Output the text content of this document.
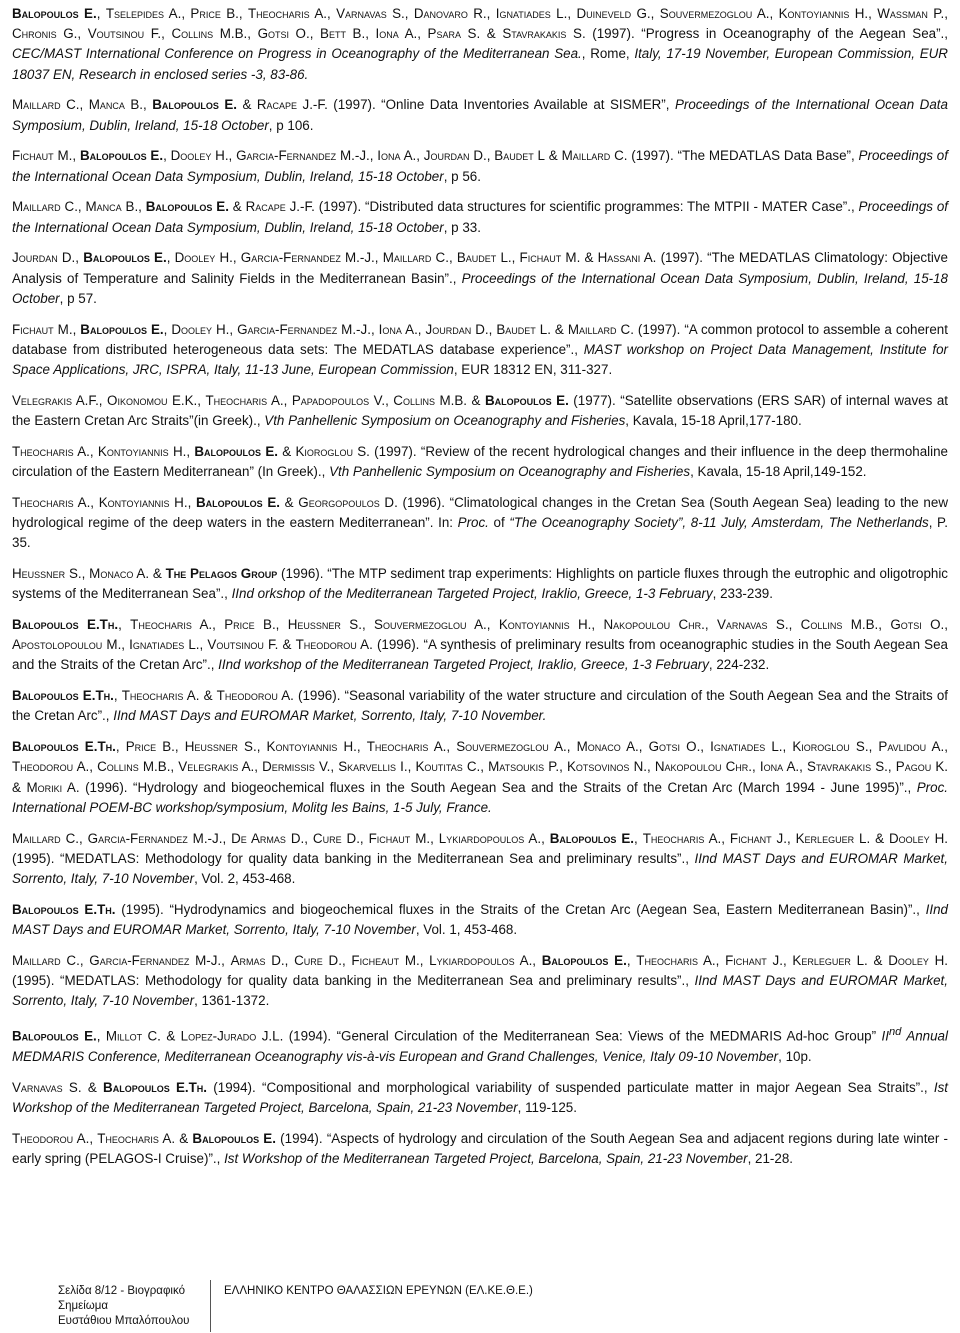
Balopoulos E., Tselepides A., Price B., Theocharis A., Varnavas S., Danovaro R., Ignatiades L., Duineveld G., Souvermezoglou A., Kontoyiannis H., Wassman P., Chronis G., Voutsinou F., Collins M.B., Gotsi O., Bett B., Iona A., Psara S. & Stavrakakis S. (1997). “Progress in Oceanography of the Aegean Sea”., CEC/MAST International Conference on Progress in Oceanography of the Mediterranean Sea., Rome, Italy, 17-19 November, European Commission, EUR 18037 EN, Research in enclosed series -3, 83-86.

Maillard C., Manca B., Balopoulos E. & Racape J.-F. (1997). “Online Data Inventories Available at SISMER”, Proceedings of the International Ocean Data Symposium, Dublin, Ireland, 15-18 October, p 106.

Fichaut M., Balopoulos E., Dooley H., Garcia-Fernandez M.-J., Iona A., Jourdan D., Baudet L & Maillard C. (1997). “The MEDATLAS Data Base”, Proceedings of the International Ocean Data Symposium, Dublin, Ireland, 15-18 October, p 56.

Maillard C., Manca B., Balopoulos E. & Racape J.-F. (1997). “Distributed data structures for scientific programmes: The MTPII - MATER Case”., Proceedings of the International Ocean Data Symposium, Dublin, Ireland, 15-18 October, p 33.

Jourdan D., Balopoulos E., Dooley H., Garcia-Fernandez M.-J., Maillard C., Baudet L., Fichaut M. & Hassani A. (1997). “The MEDATLAS Climatology: Objective Analysis of Temperature and Salinity Fields in the Mediterranean Basin”., Proceedings of the International Ocean Data Symposium, Dublin, Ireland, 15-18 October, p 57.

Fichaut M., Balopoulos E., Dooley H., Garcia-Fernandez M.-J., Iona A., Jourdan D., Baudet L. & Maillard C. (1997). “A common protocol to assemble a coherent database from distributed heterogeneous data sets: The MEDATLAS database experience”., MAST workshop on Project Data Management, Institute for Space Applications, JRC, ISPRA, Italy, 11-13 June, European Commission, EUR 18312 EN, 311-327.

Velegrakis A.F., Oikonomou E.K., Theocharis A., Papadopoulos V., Collins M.B. & Balopoulos E. (1977). “Satellite observations (ERS SAR) of internal waves at the Eastern Cretan Arc Straits”(in Greek)., Vth Panhellenic Symposium on Oceanography and Fisheries, Kavala, 15-18 April,177-180.

Theocharis A., Kontoyiannis H., Balopoulos E. & Kioroglou S. (1997). “Review of the recent hydrological changes and their influence in the deep thermohaline circulation of the Eastern Mediterranean” (In Greek)., Vth Panhellenic Symposium on Oceanography and Fisheries, Kavala, 15-18 April,149-152.

Theocharis A., Kontoyiannis H., Balopoulos E. & Georgopoulos D. (1996). “Climatological changes in the Cretan Sea (South Aegean Sea) leading to the new hydrological regime of the deep waters in the eastern Mediterranean”. In: Proc. of “The Oceanography Society”, 8-11 July, Amsterdam, The Netherlands, P. 35.

Heussner S., Monaco A. & The Pelagos Group (1996). “The MTP sediment trap experiments: Highlights on particle fluxes through the eutrophic and oligotrophic systems of the Mediterranean Sea”., IInd orkshop of the Mediterranean Targeted Project, Iraklio, Greece, 1-3 February, 233-239.

Balopoulos E.Th., Theocharis A., Price B., Heussner S., Souvermezoglou A., Kontoyiannis H., Nakopoulou Chr., Varnavas S., Collins M.B., Gotsi O., Apostolopoulou M., Ignatiades L., Voutsinou F. & Theodorou A. (1996). “A synthesis of preliminary results from oceanographic studies in the South Aegean Sea and the Straits of the Cretan Arc”., IInd workshop of the Mediterranean Targeted Project, Iraklio, Greece, 1-3 February, 224-232.

Balopoulos E.Th., Theocharis A. & Theodorou A. (1996). “Seasonal variability of the water structure and circulation of the South Aegean Sea and the Straits of the Cretan Arc”., IInd MAST Days and EUROMAR Market, Sorrento, Italy, 7-10 November.

Balopoulos E.Th., Price B., Heussner S., Kontoyiannis H., Theocharis A., Souvermezoglou A., Monaco A., Gotsi O., Ignatiades L., Kioroglou S., Pavlidou A., Theodorou A., Collins M.B., Velegrakis A., Dermissis V., Skarvellis I., Koutitas C., Matsoukis P., Kotsovinos N., Nakopoulou Chr., Iona A., Stavrakakis S., Pagou K. & Moriki A. (1996). “Hydrology and biogeochemical fluxes in the South Aegean Sea and the Straits of the Cretan Arc (March 1994 - June 1995)”., Proc. International POEM-BC workshop/symposium, Molitg les Bains, 1-5 July, France.

Maillard C., Garcia-Fernandez M.-J., De Armas D., Cure D., Fichaut M., Lykiardopoulos A., Balopoulos E., Theocharis A., Fichant J., Kerleguer L. & Dooley H. (1995). “MEDATLAS: Methodology for quality data banking in the Mediterranean Sea and preliminary results”., IInd MAST Days and EUROMAR Market, Sorrento, Italy, 7-10 November, Vol. 2, 453-468.

Balopoulos E.Th. (1995). “Hydrodynamics and biogeochemical fluxes in the Straits of the Cretan Arc (Aegean Sea, Eastern Mediterranean Basin)”., IInd MAST Days and EUROMAR Market, Sorrento, Italy, 7-10 November, Vol. 1, 453-468.

Maillard C., Garcia-Fernandez M-J., Armas D., Cure D., Ficheaut M., Lykiardopoulos A., Balopoulos E., Theocharis A., Fichant J., Kerleguer L. & Dooley H. (1995). “MEDATLAS: Methodology for quality data banking in the Mediterranean Sea and preliminary results”., IInd MAST Days and EUROMAR Market, Sorrento, Italy, 7-10 November, 1361-1372.

Balopoulos E., Millot C. & Lopez-Jurado J.L. (1994). “General Circulation of the Mediterranean Sea: Views of the MEDMARIS Ad-hoc Group” IInd Annual MEDMARIS Conference, Mediterranean Oceanography vis-à-vis European and Grand Challenges, Venice, Italy 09-10 November, 10p.

Varnavas S. & Balopoulos E.Th. (1994). “Compositional and morphological variability of suspended particulate matter in major Aegean Sea Straits”., Ist Workshop of the Mediterranean Targeted Project, Barcelona, Spain, 21-23 November, 119-125.

Theodorou A., Theocharis A. & Balopoulos E. (1994). “Aspects of hydrology and circulation of the South Aegean Sea and adjacent regions during late winter - early spring (PELAGOS-I Cruise)”., Ist Workshop of the Mediterranean Targeted Project, Barcelona, Spain, 21-23 November, 21-28.

Σελίδα 8/12 - Βιογραφικό
Σημείωμα
Ευστάθιου Μπαλόπουλου
ΕΛΛΗΝΙΚΟ ΚΕΝΤΡΟ ΘΑΛΑΣΣΙΩΝ ΕΡΕΥΝΩΝ (ΕΛ.ΚΕ.Θ.Ε.)
